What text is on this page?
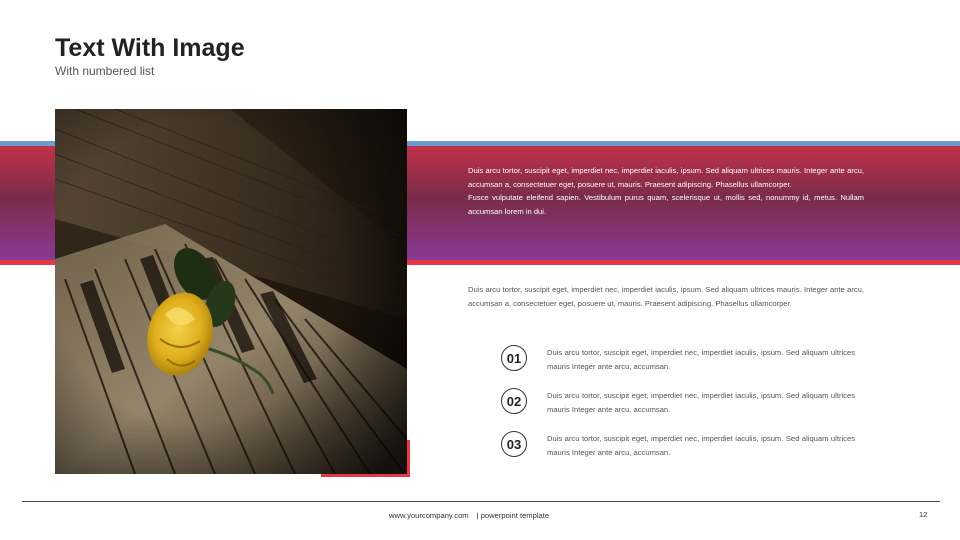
Text With Image
With numbered list

Duis arcu tortor, suscipit eget, imperdiet nec, imperdiet iaculis, ipsum. Sed aliquam ultrices mauris. Integer ante arcu, accumsan a, consectetuer eget, posuere ut, mauris. Praesent adipiscing. Phasellus ullamcorper.

Fusce vulputate eleifend sapien. Vestibulum purus quam, scelerisque ut, mollis sed, nonummy id, metus. Nullam accumsan lorem in dui.

Duis arcu tortor, suscipit eget, imperdiet nec, imperdiet iaculis, ipsum. Sed aliquam ultrices mauris. Integer ante arcu, accumsan a, consectetuer eget, posuere ut, mauris. Praesent adipiscing. Phasellus ullamcorper.

01	Duis arcu tortor, suscipit eget, imperdiet nec, imperdiet iaculis, ipsum. Sed aliquam ultrices mauris Integer ante arcu, accumsan.
02	Duis arcu tortor, suscipit eget, imperdiet nec, imperdiet iaculis, ipsum. Sed aliquam ultrices mauris Integer ante arcu, accumsan.
03	Duis arcu tortor, suscipit eget, imperdiet nec, imperdiet iaculis, ipsum. Sed aliquam ultrices mauris Integer ante arcu, accumsan.
www.yourcompany.com | powerpoint template	12
